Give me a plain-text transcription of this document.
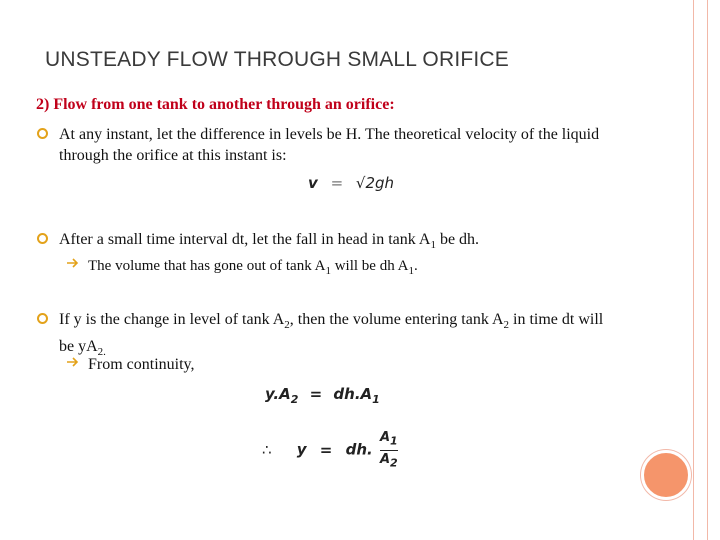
UNSTEADY FLOW THROUGH SMALL ORIFICE
2) Flow from one tank to another through an orifice:
At any instant, let the difference in levels be H. The theoretical velocity of the liquid
through the orifice at this instant is:
v = √2gh
After a small time interval dt, let the fall in head in tank $A_1$ be dh.
The volume that has gone out of tank $A_1$ will be dh $A_1$.
If y is the change in level of tank $A_2$, then the volume entering tank $A_2$ in time dt will
be $yA_{2.}$
From continuity,
$y.A_2 = dh.A_1$
∴ y = dh. $\frac{A_1}{A_2}$
